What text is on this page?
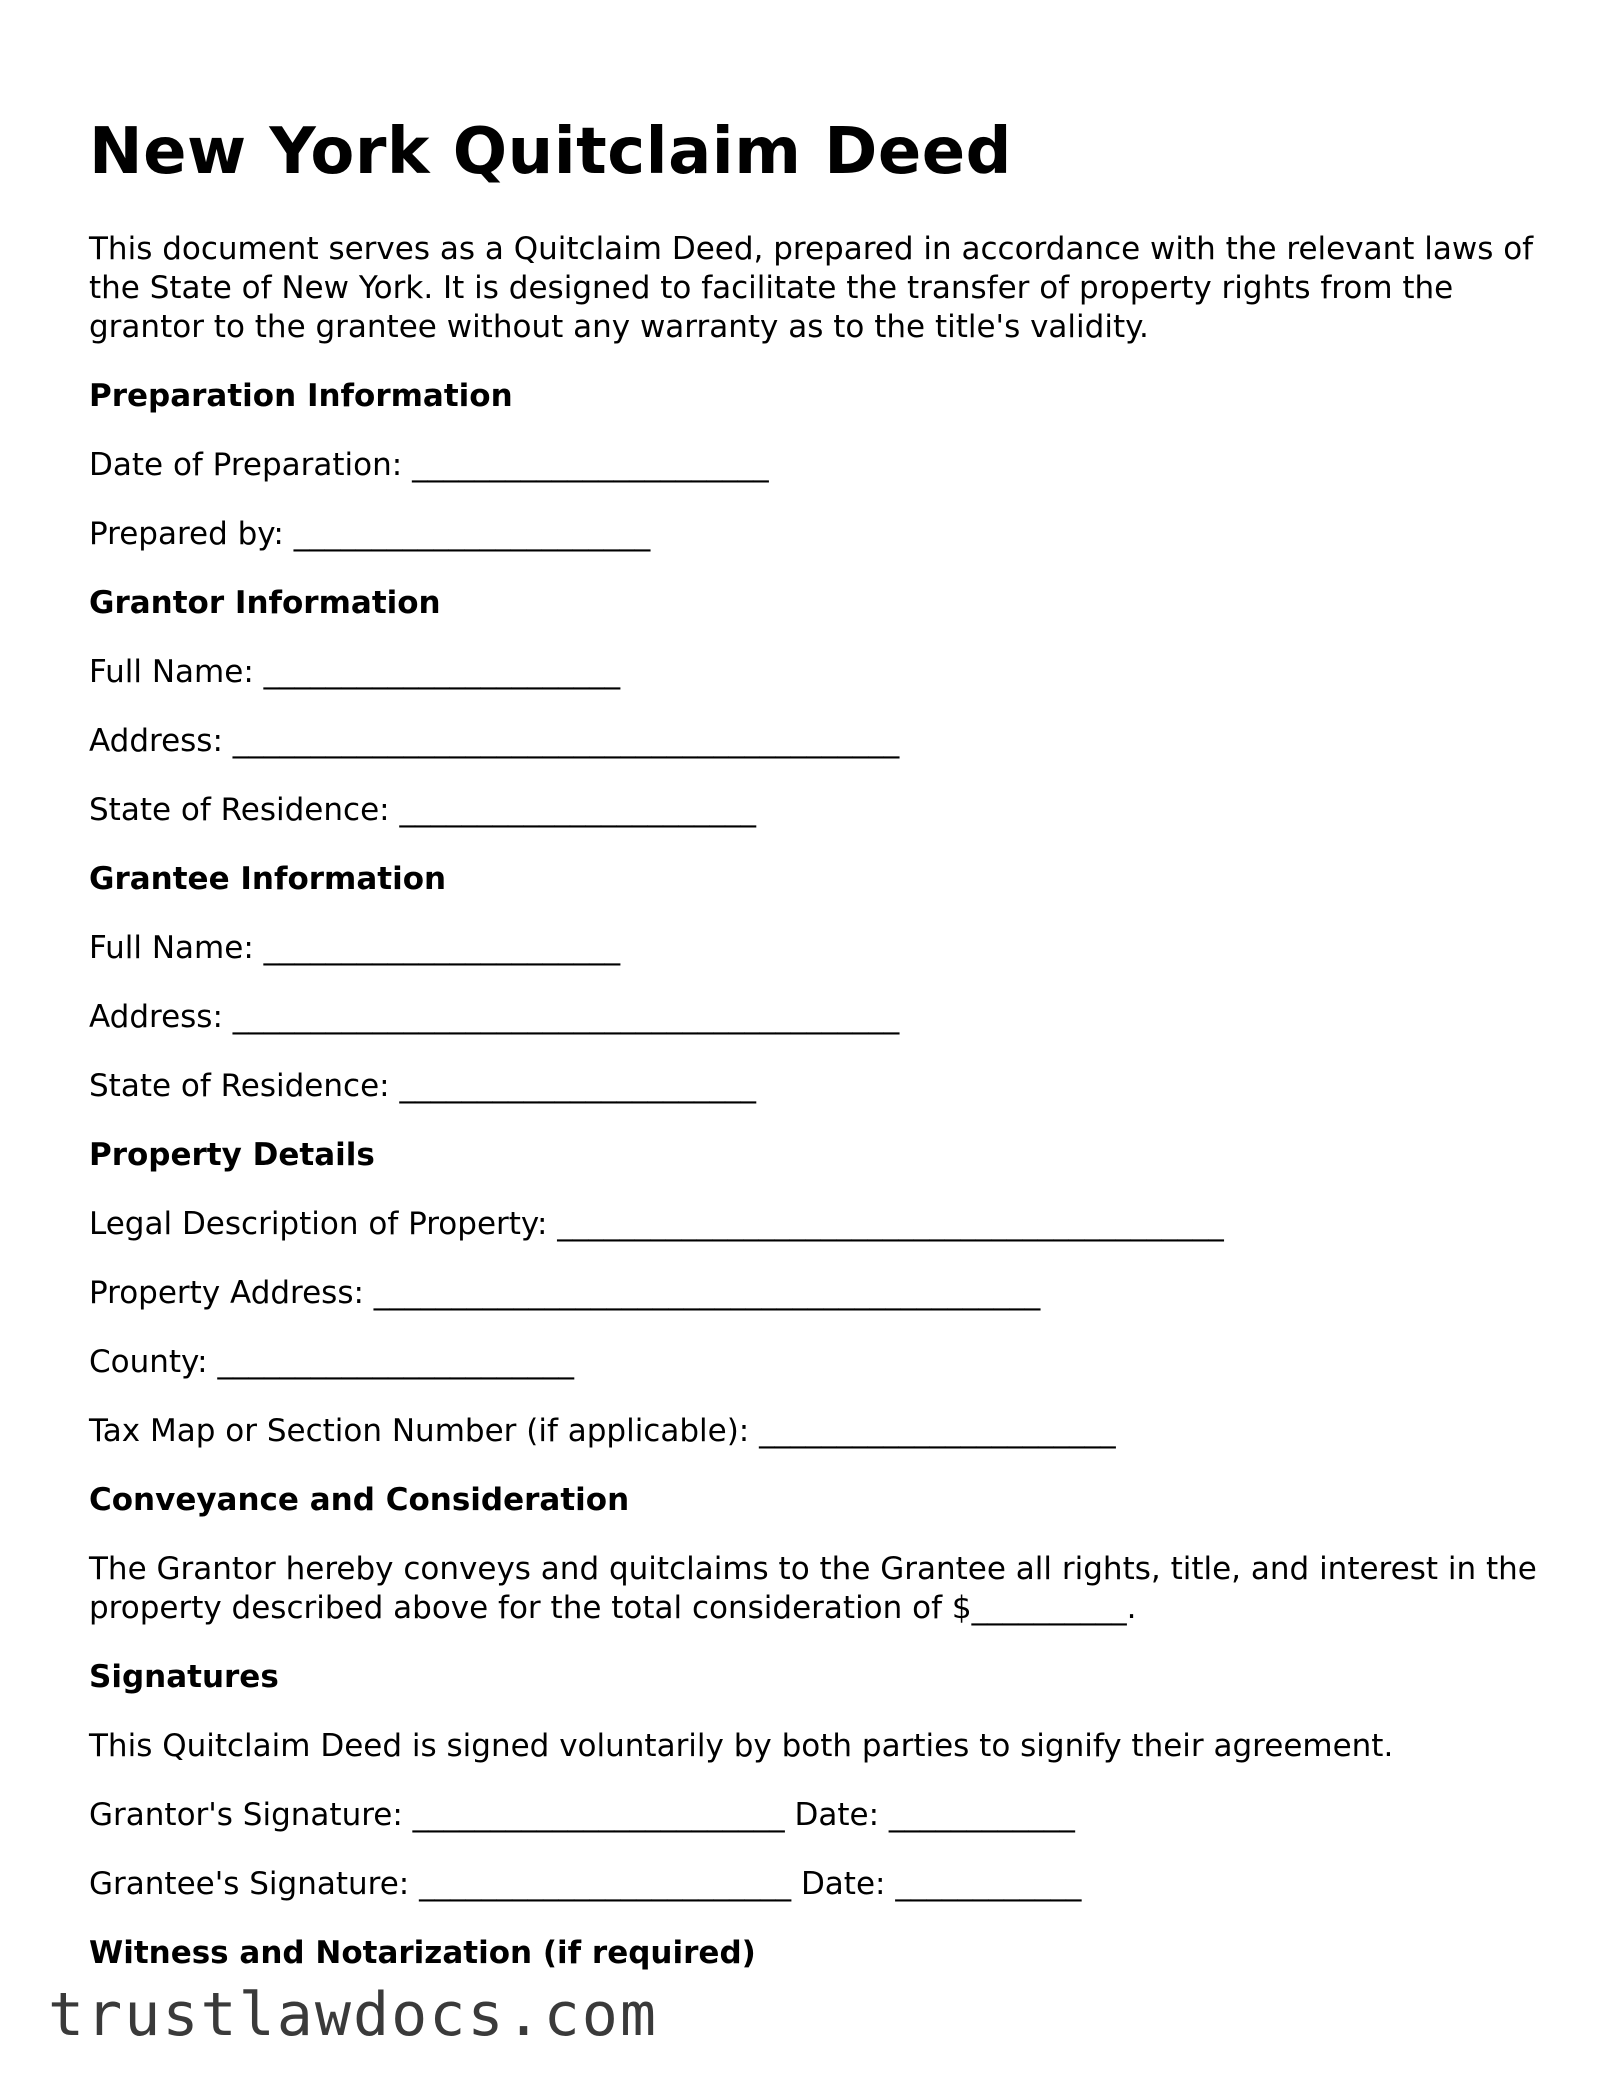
New York Quitclaim Deed

This document serves as a Quitclaim Deed, prepared in accordance with the relevant laws of the State of New York. It is designed to facilitate the transfer of property rights from the grantor to the grantee without any warranty as to the title's validity.

Preparation Information

Date of Preparation: _______________________

Prepared by: _______________________

Grantor Information

Full Name: _______________________

Address: ___________________________________________

State of Residence: _______________________

Grantee Information

Full Name: _______________________

Address: ___________________________________________

State of Residence: _______________________

Property Details

Legal Description of Property: ___________________________________________

Property Address: ___________________________________________

County: _______________________

Tax Map or Section Number (if applicable): _______________________

Conveyance and Consideration

The Grantor hereby conveys and quitclaims to the Grantee all rights, title, and interest in the property described above for the total consideration of $__________.

Signatures

This Quitclaim Deed is signed voluntarily by both parties to signify their agreement.

Grantor's Signature: ________________________ Date: ____________

Grantee's Signature: ________________________ Date: ____________

Witness and Notarization (if required)

trustlawdocs.com
